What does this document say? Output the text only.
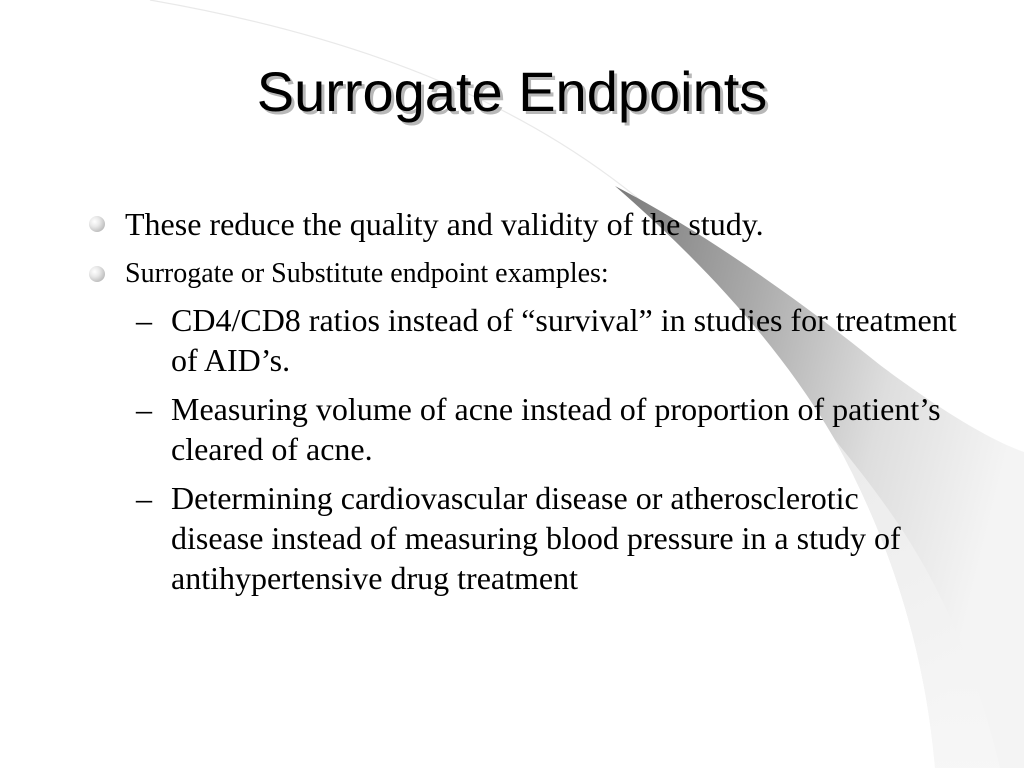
Surrogate Endpoints
These reduce the quality and validity of the study.
Surrogate or Substitute endpoint examples:
– CD4/CD8 ratios instead of “survival” in studies for treatment of AID’s.
– Measuring volume of acne instead of proportion of patient’s cleared of acne.
– Determining cardiovascular disease or atherosclerotic disease instead of measuring blood pressure in a study of antihypertensive drug treatment
